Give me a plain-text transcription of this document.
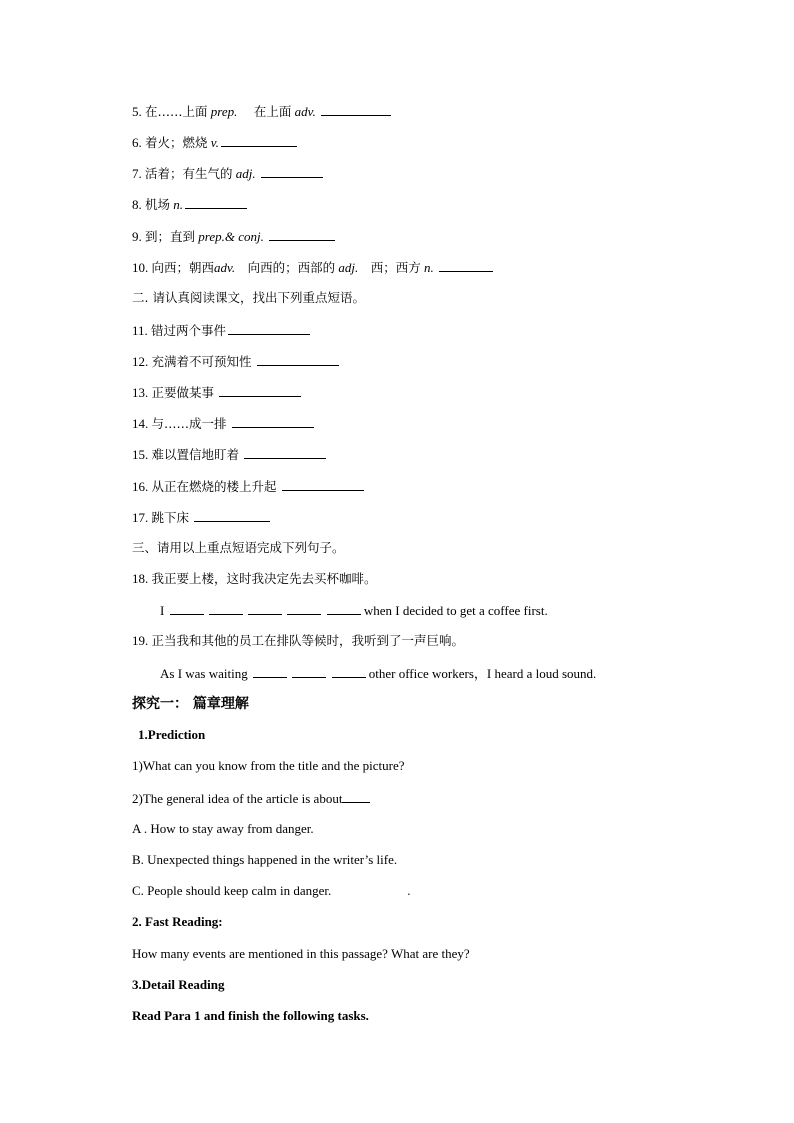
5. 在……上面 prep. 在上面 adv.
6. 着火；燃烧 v.
7. 活着；有生气的 adj.
8. 机场 n.
9. 到；直到 prep.& conj.
10. 向西；朝西adv. 向西的；西部的 adj. 西；西方 n.
二. 请认真阅读课文，找出下列重点短语。
11. 错过两个事件
12. 充满着不可预知性
13. 正要做某事
14. 与……成一排
15. 难以置信地盯着
16. 从正在燃烧的楼上升起
17. 跳下床
三、请用以上重点短语完成下列句子。
18. 我正要上楼，这时我决定先去买杯咖啡。
I	when I decided to get a coffee first.
19. 正当我和其他的员工在排队等候时，我听到了一声巨响。
As I was waiting	other office workers，I heard a loud sound.
探究一： 篇章理解
1.Prediction
1)What can you know from the title and the picture?
2)The general idea of the article is about
A . How to stay away from danger.
B. Unexpected things happened in the writer’s life.
C. People should keep calm in danger.	.
2. Fast Reading:
How many events are mentioned in this passage? What are they?
3.Detail Reading
Read Para 1 and finish the following tasks.
